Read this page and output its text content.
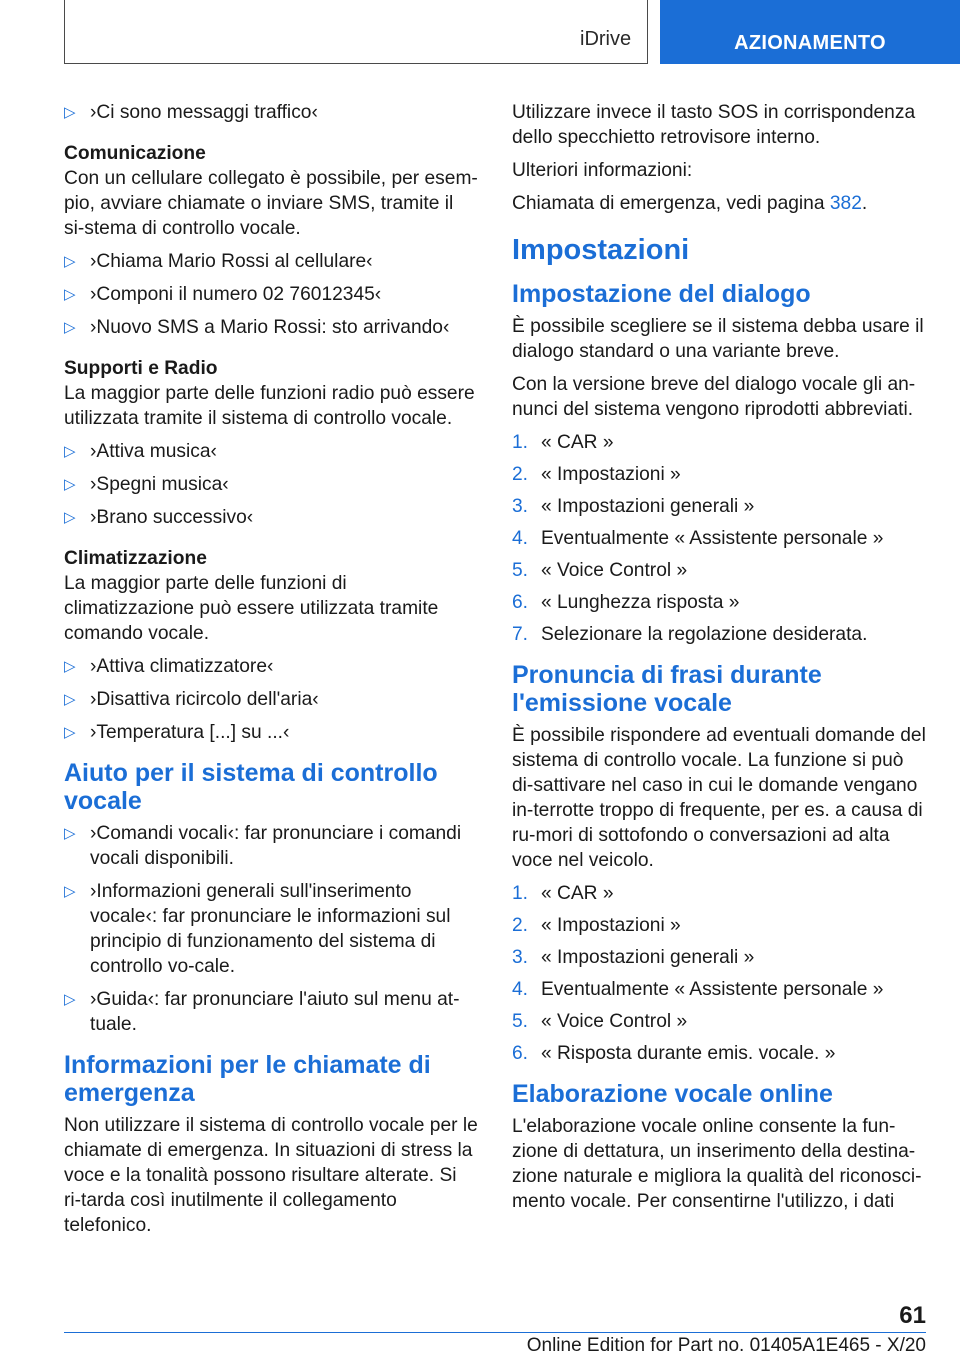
iDrive	AZIONAMENTO
▷ ›Ci sono messaggi traffico‹

Comunicazione

Con un cellulare collegato è possibile, per esem-pio, avviare chiamate o inviare SMS, tramite il si-stema di controllo vocale.

▷ ›Chiama Mario Rossi al cellulare‹
▷ ›Componi il numero 02 76012345‹
▷ ›Nuovo SMS a Mario Rossi: sto arrivando‹

Supporti e Radio

La maggior parte delle funzioni radio può essere utilizzata tramite il sistema di controllo vocale.

▷ ›Attiva musica‹
▷ ›Spegni musica‹
▷ ›Brano successivo‹

Climatizzazione

La maggior parte delle funzioni di climatizzazione può essere utilizzata tramite comando vocale.

▷ ›Attiva climatizzatore‹
▷ ›Disattiva ricircolo dell'aria‹
▷ ›Temperatura [...] su ...‹
Aiuto per il sistema di controllo vocale
▷ ›Comandi vocali‹: far pronunciare i comandi vocali disponibili.
▷ ›Informazioni generali sull'inserimento vocale‹: far pronunciare le informazioni sul principio di funzionamento del sistema di controllo vo-cale.
▷ ›Guida‹: far pronunciare l'aiuto sul menu at-tuale.
Informazioni per le chiamate di emergenza

Non utilizzare il sistema di controllo vocale per le chiamate di emergenza. In situazioni di stress la voce e la tonalità possono risultare alterate. Si ri-tarda così inutilmente il collegamento telefonico.

Utilizzare invece il tasto SOS in corrispondenza dello specchietto retrovisore interno.

Ulteriori informazioni:

Chiamata di emergenza, vedi pagina 382.

Impostazioni
Impostazione del dialogo

È possibile scegliere se il sistema debba usare il dialogo standard o una variante breve.

Con la versione breve del dialogo vocale gli an-nunci del sistema vengono riprodotti abbreviati.

1. « CAR »
2. « Impostazioni »
3. « Impostazioni generali »
4. Eventualmente « Assistente personale »
5. « Voice Control »
6. « Lunghezza risposta »
7. Selezionare la regolazione desiderata.
Pronuncia di frasi durante l'emissione vocale

È possibile rispondere ad eventuali domande del sistema di controllo vocale. La funzione si può di-sattivare nel caso in cui le domande vengano in-terrotte troppo di frequente, per es. a causa di ru-mori di sottofondo o conversazioni ad alta voce nel veicolo.

1. « CAR »
2. « Impostazioni »
3. « Impostazioni generali »
4. Eventualmente « Assistente personale »
5. « Voice Control »
6. « Risposta durante emis. vocale. »
Elaborazione vocale online

L'elaborazione vocale online consente la fun-zione di dettatura, un inserimento della destina-zione naturale e migliora la qualità del riconosci-mento vocale. Per consentirne l'utilizzo, i dati

61
Online Edition for Part no. 01405A1E465 - X/20
